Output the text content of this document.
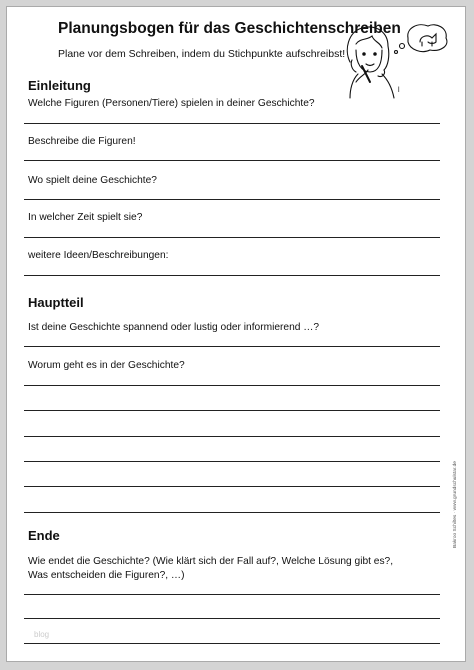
Planungsbogen für das Geschichtenschreiben
Plane vor dem Schreiben, indem du Stichpunkte aufschreibst!
l
Einleitung
Welche Figuren (Personen/Tiere) spielen in deiner Geschichte?
Beschreibe die Figuren!
Wo spielt deine Geschichte?
In welcher Zeit spielt sie?
weitere Ideen/Beschreibungen:
Hauptteil
Ist deine Geschichte spannend oder lustig oder informierend …?
Worum geht es in der Geschichte?
Ende
Wie endet die Geschichte? (Wie klärt sich der Fall auf?, Welche Lösung gibt es?,
Was entscheiden die Figuren?, …)
Bakroo Schiltes · www.grundschulstar.de
blog
